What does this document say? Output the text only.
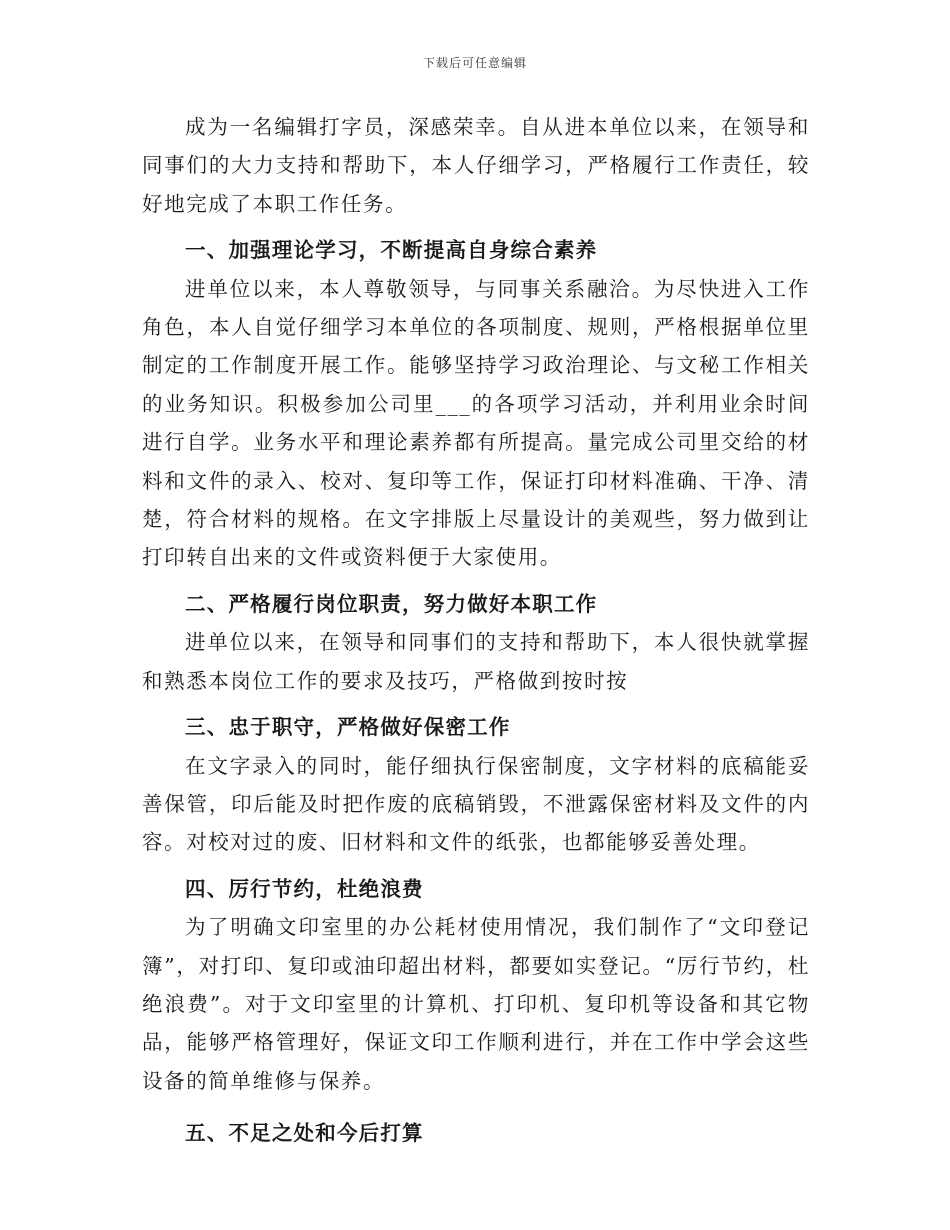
下载后可任意编辑

成为一名编辑打字员，深感荣幸。自从进本单位以来，在领导和同事们的大力支持和帮助下，本人仔细学习，严格履行工作责任，较好地完成了本职工作任务。

一、加强理论学习，不断提高自身综合素养

进单位以来，本人尊敬领导，与同事关系融洽。为尽快进入工作角色，本人自觉仔细学习本单位的各项制度、规则，严格根据单位里制定的工作制度开展工作。能够坚持学习政治理论、与文秘工作相关的业务知识。积极参加公司里___的各项学习活动，并利用业余时间进行自学。业务水平和理论素养都有所提高。量完成公司里交给的材料和文件的录入、校对、复印等工作，保证打印材料准确、干净、清楚，符合材料的规格。在文字排版上尽量设计的美观些，努力做到让打印转自出来的文件或资料便于大家使用。

二、严格履行岗位职责，努力做好本职工作

进单位以来，在领导和同事们的支持和帮助下，本人很快就掌握和熟悉本岗位工作的要求及技巧，严格做到按时按

三、忠于职守，严格做好保密工作

在文字录入的同时，能仔细执行保密制度，文字材料的底稿能妥善保管，印后能及时把作废的底稿销毁，不泄露保密材料及文件的内容。对校对过的废、旧材料和文件的纸张，也都能够妥善处理。

四、厉行节约，杜绝浪费

为了明确文印室里的办公耗材使用情况，我们制作了“文印登记簿”，对打印、复印或油印超出材料，都要如实登记。“厉行节约，杜绝浪费”。对于文印室里的计算机、打印机、复印机等设备和其它物品，能够严格管理好，保证文印工作顺利进行，并在工作中学会这些设备的简单维修与保养。

五、不足之处和今后打算
